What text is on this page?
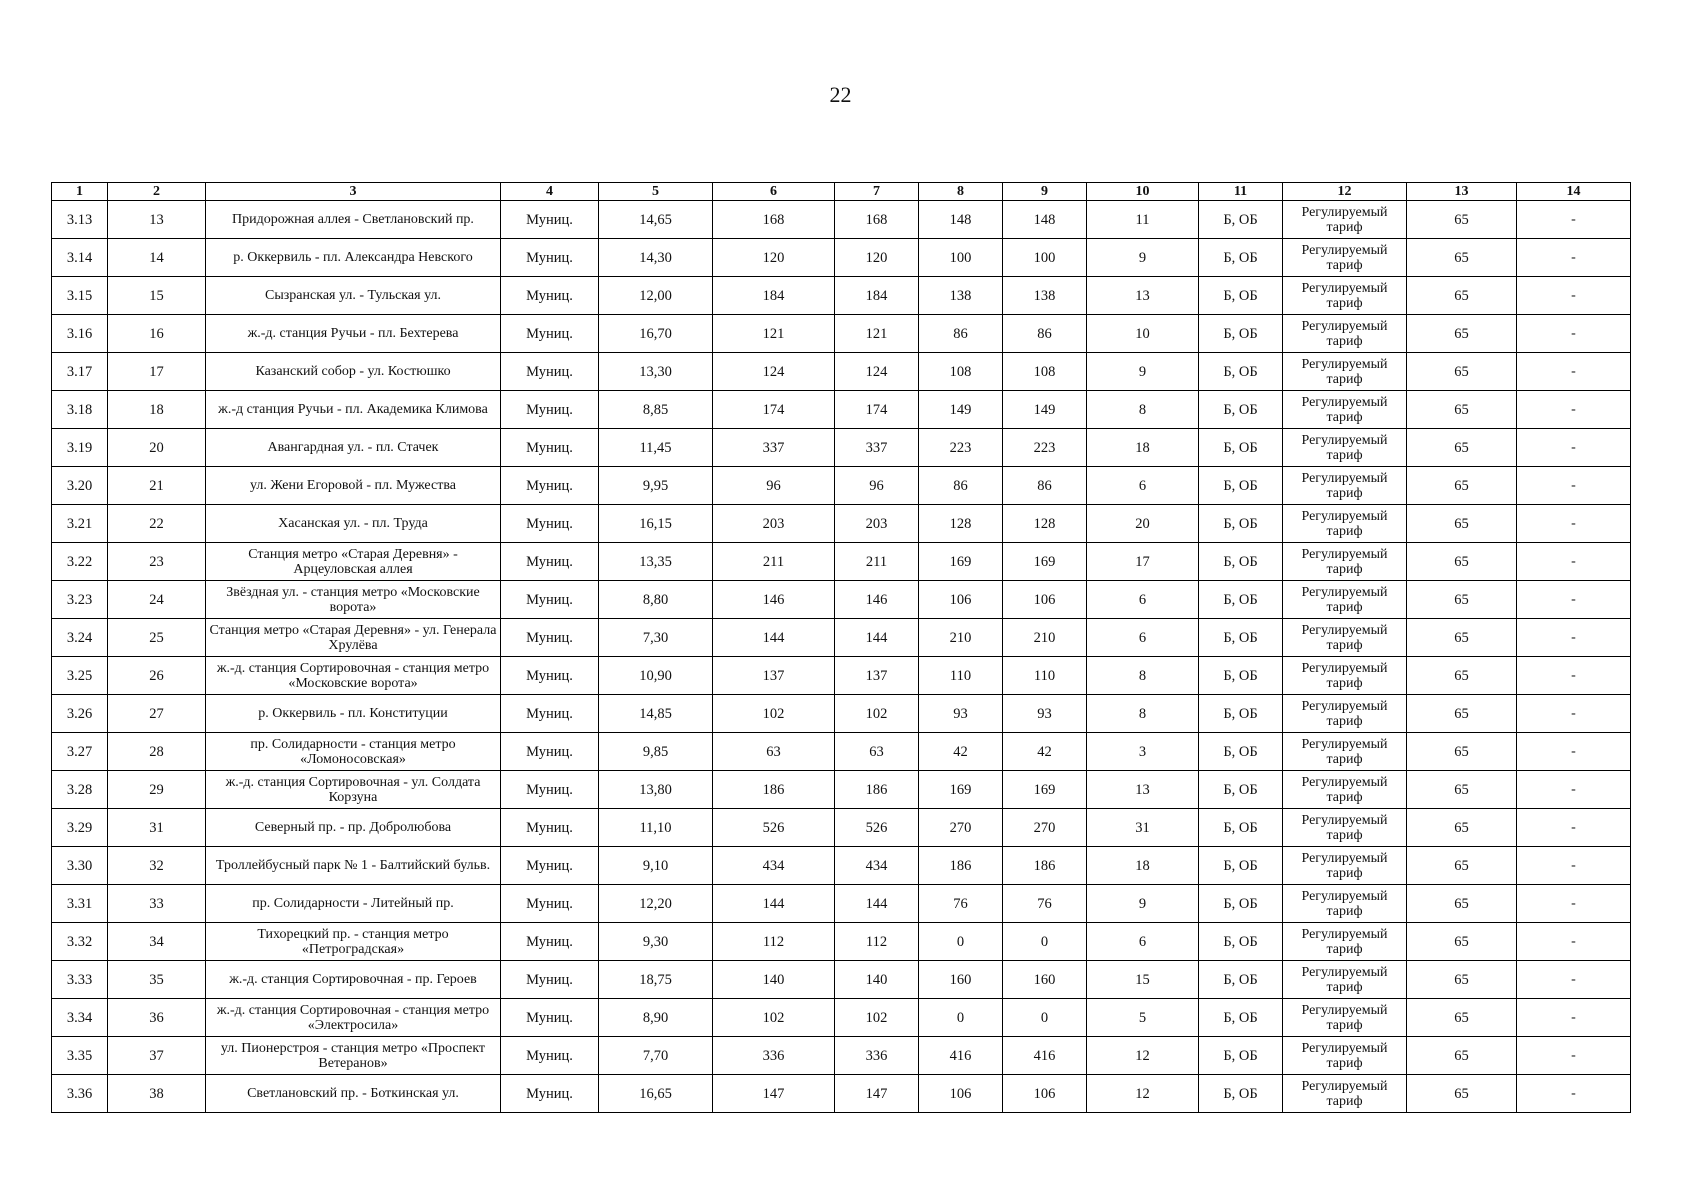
22
1	2	3	4	5	6	7	8	9	10	11	12	13	14
3.13	13	Придорожная аллея - Светлановский пр.	Муниц.	14,65	168	168	148	148	11	Б, ОБ	Регулируемый тариф	65	-
3.14	14	р. Оккервиль - пл. Александра Невского	Муниц.	14,30	120	120	100	100	9	Б, ОБ	Регулируемый тариф	65	-
3.15	15	Сызранская ул. - Тульская ул.	Муниц.	12,00	184	184	138	138	13	Б, ОБ	Регулируемый тариф	65	-
3.16	16	ж.-д. станция Ручьи - пл. Бехтерева	Муниц.	16,70	121	121	86	86	10	Б, ОБ	Регулируемый тариф	65	-
3.17	17	Казанский собор - ул. Костюшко	Муниц.	13,30	124	124	108	108	9	Б, ОБ	Регулируемый тариф	65	-
3.18	18	ж.-д станция Ручьи - пл. Академика Климова	Муниц.	8,85	174	174	149	149	8	Б, ОБ	Регулируемый тариф	65	-
3.19	20	Авангардная ул. - пл. Стачек	Муниц.	11,45	337	337	223	223	18	Б, ОБ	Регулируемый тариф	65	-
3.20	21	ул. Жени Егоровой - пл. Мужества	Муниц.	9,95	96	96	86	86	6	Б, ОБ	Регулируемый тариф	65	-
3.21	22	Хасанская ул. - пл. Труда	Муниц.	16,15	203	203	128	128	20	Б, ОБ	Регулируемый тариф	65	-
3.22	23	Станция метро «Старая Деревня» - Арцеуловская аллея	Муниц.	13,35	211	211	169	169	17	Б, ОБ	Регулируемый тариф	65	-
3.23	24	Звёздная ул. - станция метро «Московские ворота»	Муниц.	8,80	146	146	106	106	6	Б, ОБ	Регулируемый тариф	65	-
3.24	25	Станция метро «Старая Деревня» - ул. Генерала Хрулёва	Муниц.	7,30	144	144	210	210	6	Б, ОБ	Регулируемый тариф	65	-
3.25	26	ж.-д. станция Сортировочная - станция метро «Московские ворота»	Муниц.	10,90	137	137	110	110	8	Б, ОБ	Регулируемый тариф	65	-
3.26	27	р. Оккервиль - пл. Конституции	Муниц.	14,85	102	102	93	93	8	Б, ОБ	Регулируемый тариф	65	-
3.27	28	пр. Солидарности - станция метро «Ломоносовская»	Муниц.	9,85	63	63	42	42	3	Б, ОБ	Регулируемый тариф	65	-
3.28	29	ж.-д. станция Сортировочная - ул. Солдата Корзуна	Муниц.	13,80	186	186	169	169	13	Б, ОБ	Регулируемый тариф	65	-
3.29	31	Северный пр. - пр. Добролюбова	Муниц.	11,10	526	526	270	270	31	Б, ОБ	Регулируемый тариф	65	-
3.30	32	Троллейбусный парк № 1 - Балтийский бульв.	Муниц.	9,10	434	434	186	186	18	Б, ОБ	Регулируемый тариф	65	-
3.31	33	пр. Солидарности - Литейный пр.	Муниц.	12,20	144	144	76	76	9	Б, ОБ	Регулируемый тариф	65	-
3.32	34	Тихорецкий пр. - станция метро «Петроградская»	Муниц.	9,30	112	112	0	0	6	Б, ОБ	Регулируемый тариф	65	-
3.33	35	ж.-д. станция Сортировочная - пр. Героев	Муниц.	18,75	140	140	160	160	15	Б, ОБ	Регулируемый тариф	65	-
3.34	36	ж.-д. станция Сортировочная - станция метро «Электросила»	Муниц.	8,90	102	102	0	0	5	Б, ОБ	Регулируемый тариф	65	-
3.35	37	ул. Пионерстроя - станция метро «Проспект Ветеранов»	Муниц.	7,70	336	336	416	416	12	Б, ОБ	Регулируемый тариф	65	-
3.36	38	Светлановский пр. - Боткинская ул.	Муниц.	16,65	147	147	106	106	12	Б, ОБ	Регулируемый тариф	65	-
